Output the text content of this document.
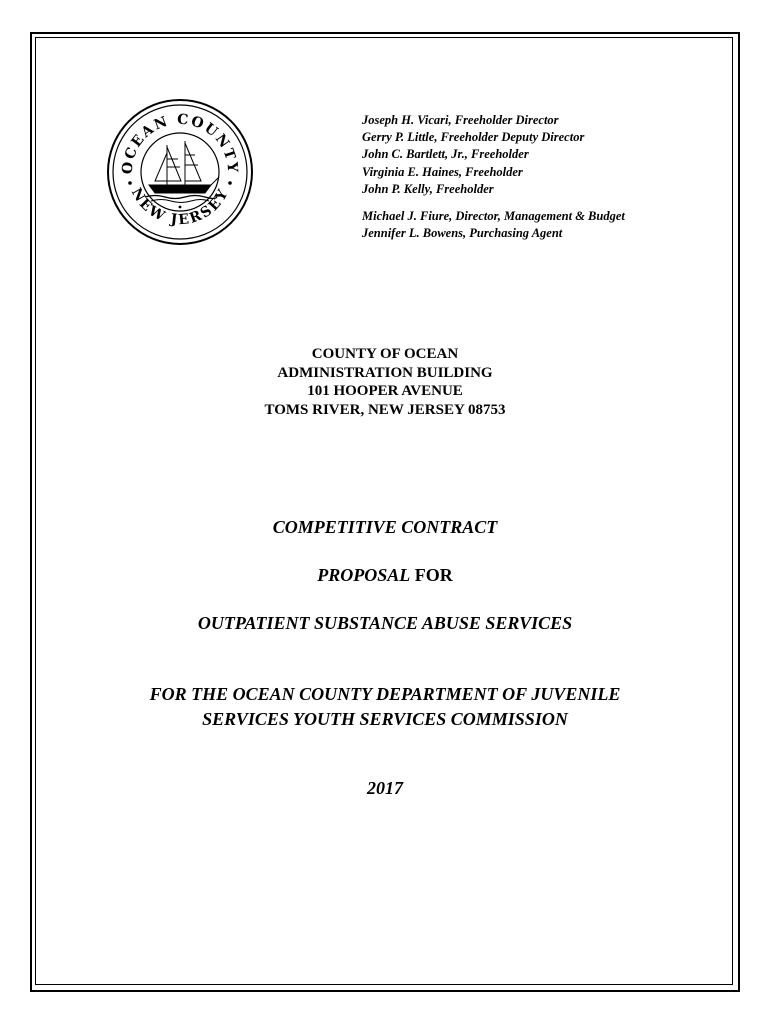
OCEAN COUNTY
NEW JERSEY
Joseph H. Vicari, Freeholder Director
Gerry P. Little, Freeholder Deputy Director
John C. Bartlett, Jr., Freeholder
Virginia E. Haines, Freeholder
John P. Kelly, Freeholder
Michael J. Fiure, Director, Management & Budget
Jennifer L. Bowens, Purchasing Agent
COUNTY OF OCEAN
ADMINISTRATION BUILDING
101 HOOPER AVENUE
TOMS RIVER, NEW JERSEY 08753
COMPETITIVE CONTRACT
PROPOSAL FOR
OUTPATIENT SUBSTANCE ABUSE SERVICES
FOR THE OCEAN COUNTY DEPARTMENT OF JUVENILE
SERVICES YOUTH SERVICES COMMISSION
2017
